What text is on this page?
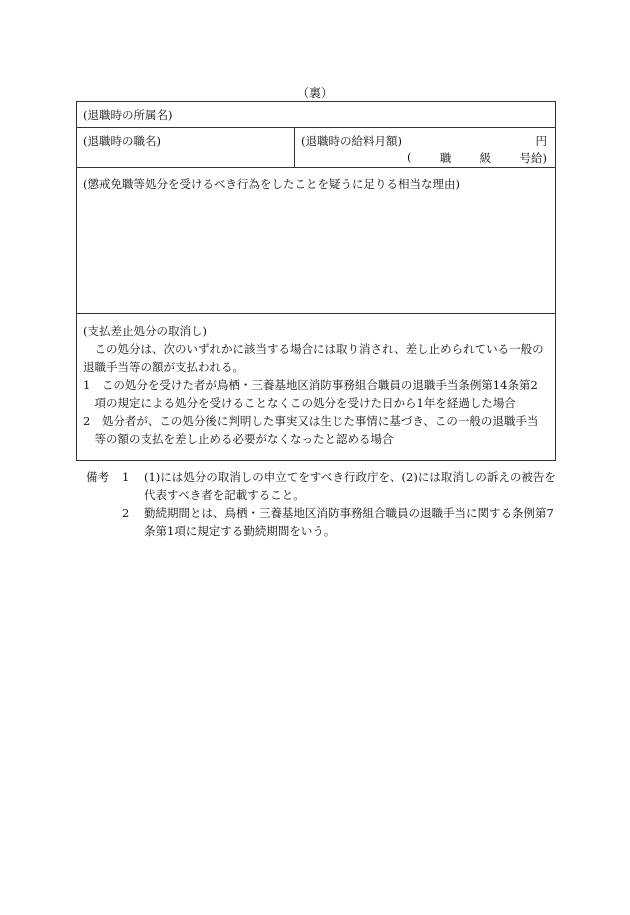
（裏）
(退職時の所属名)
(退職時の職名)	(退職時の給料月額)	円
( 職 級 号給)
(懲戒免職等処分を受けるべき行為をしたことを疑うに足りる相当な理由)
(支払差止処分の取消し)
この処分は、次のいずれかに該当する場合には取り消され、差し止められている一般の退職手当等の額が支払われる。
1　この処分を受けた者が鳥栖・三養基地区消防事務組合職員の退職手当条例第14条第2項の規定による処分を受けることなくこの処分を受けた日から1年を経過した場合
2　処分者が、この処分後に判明した事実又は生じた事情に基づき、この一般の退職手当等の額の支払を差し止める必要がなくなったと認める場合
備考	1	(1)には処分の取消しの申立てをすべき行政庁を、(2)には取消しの訴えの被告を代表すべき者を記載すること。
2	勤続期間とは、鳥栖・三養基地区消防事務組合職員の退職手当に関する条例第7条第1項に規定する勤続期間をいう。
